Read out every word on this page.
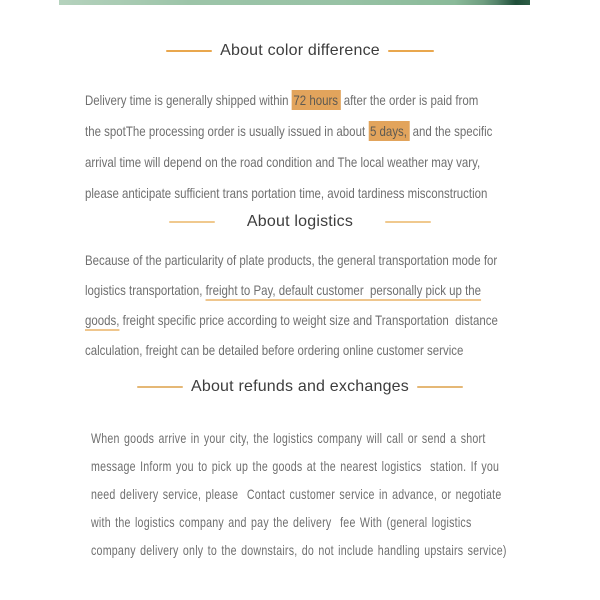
About color difference
Delivery time is generally shipped within 72 hours after the order is paid from
the spotThe processing order is usually issued in about 5 days, and the specific
arrival time will depend on the road condition and The local weather may vary,
please anticipate sufficient trans portation time, avoid tardiness misconstruction
About logistics
Because of the particularity of plate products, the general transportation mode for
logistics transportation, freight to Pay, default customer  personally pick up the
goods, freight specific price according to weight size and Transportation  distance
calculation, freight can be detailed before ordering online customer service
About refunds and exchanges
When goods arrive in your city, the logistics company will call or send a short
message Inform you to pick up the goods at the nearest logistics  station. If you
need delivery service, please  Contact customer service in advance, or negotiate
with the logistics company and pay the delivery  fee With (general logistics
company delivery only to the downstairs, do not include handling upstairs service)
